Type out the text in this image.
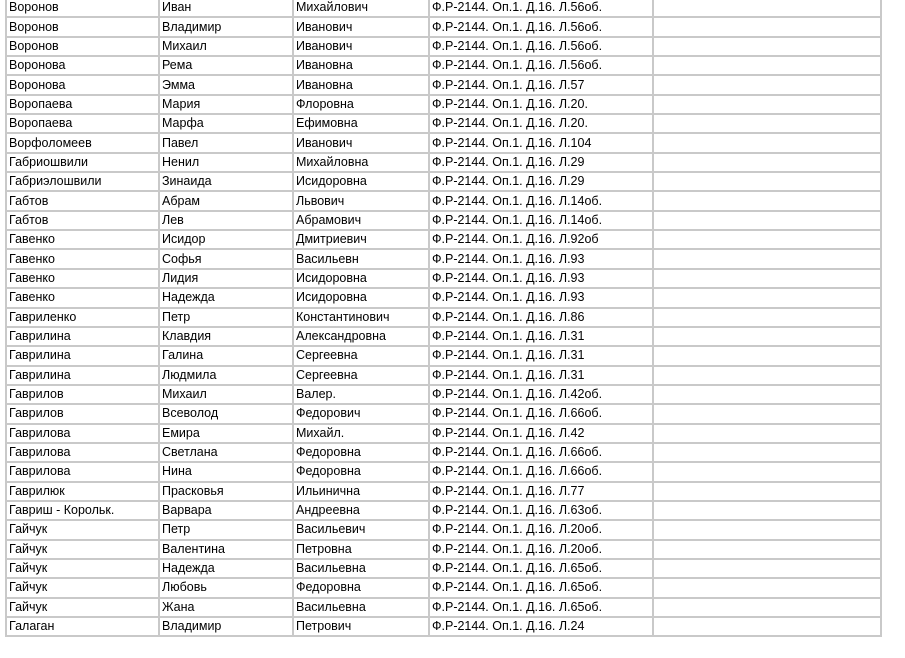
Воронов	Иван	Михайлович	Ф.Р-2144. Оп.1. Д.16. Л.56об.	
Воронов	Владимир	Иванович	Ф.Р-2144. Оп.1. Д.16. Л.56об.	
Воронов	Михаил	Иванович	Ф.Р-2144. Оп.1. Д.16. Л.56об.	
Воронова	Рема	Ивановна	Ф.Р-2144. Оп.1. Д.16. Л.56об.	
Воронова	Эмма	Ивановна	Ф.Р-2144. Оп.1. Д.16. Л.57	
Воропаева	Мария	Флоровна	Ф.Р-2144. Оп.1. Д.16. Л.20.	
Воропаева	Марфа	Ефимовна	Ф.Р-2144. Оп.1. Д.16. Л.20.	
Ворфоломеев	Павел	Иванович	Ф.Р-2144. Оп.1. Д.16. Л.104	
Габриошвили	Ненил	Михайловна	Ф.Р-2144. Оп.1. Д.16. Л.29	
Габриэлошвили	Зинаида	Исидоровна	Ф.Р-2144. Оп.1. Д.16. Л.29	
Габтов	Абрам	Львович	Ф.Р-2144. Оп.1. Д.16. Л.14об.	
Габтов	Лев	Абрамович	Ф.Р-2144. Оп.1. Д.16. Л.14об.	
Гавенко	Исидор	Дмитриевич	Ф.Р-2144. Оп.1. Д.16. Л.92об	
Гавенко	Софья	Васильевн	Ф.Р-2144. Оп.1. Д.16. Л.93	
Гавенко	Лидия	Исидоровна	Ф.Р-2144. Оп.1. Д.16. Л.93	
Гавенко	Надежда	Исидоровна	Ф.Р-2144. Оп.1. Д.16. Л.93	
Гавриленко	Петр	Константинович	Ф.Р-2144. Оп.1. Д.16. Л.86	
Гаврилина	Клавдия	Александровна	Ф.Р-2144. Оп.1. Д.16. Л.31	
Гаврилина	Галина	Сергеевна	Ф.Р-2144. Оп.1. Д.16. Л.31	
Гаврилина	Людмила	Сергеевна	Ф.Р-2144. Оп.1. Д.16. Л.31	
Гаврилов	Михаил	Валер.	Ф.Р-2144. Оп.1. Д.16. Л.42об.	
Гаврилов	Всеволод	Федорович	Ф.Р-2144. Оп.1. Д.16. Л.66об.	
Гаврилова	Емира	Михайл.	Ф.Р-2144. Оп.1. Д.16. Л.42	
Гаврилова	Светлана	Федоровна	Ф.Р-2144. Оп.1. Д.16. Л.66об.	
Гаврилова	Нина	Федоровна	Ф.Р-2144. Оп.1. Д.16. Л.66об.	
Гаврилюк	Прасковья	Ильинична	Ф.Р-2144. Оп.1. Д.16. Л.77	
Гавриш - Корольк.	Варвара	Андреевна	Ф.Р-2144. Оп.1. Д.16. Л.63об.	
Гайчук	Петр	Васильевич	Ф.Р-2144. Оп.1. Д.16. Л.20об.	
Гайчук	Валентина	Петровна	Ф.Р-2144. Оп.1. Д.16. Л.20об.	
Гайчук	Надежда	Васильевна	Ф.Р-2144. Оп.1. Д.16. Л.65об.	
Гайчук	Любовь	Федоровна	Ф.Р-2144. Оп.1. Д.16. Л.65об.	
Гайчук	Жана	Васильевна	Ф.Р-2144. Оп.1. Д.16. Л.65об.	
Галаган	Владимир	Петрович	Ф.Р-2144. Оп.1. Д.16. Л.24	
